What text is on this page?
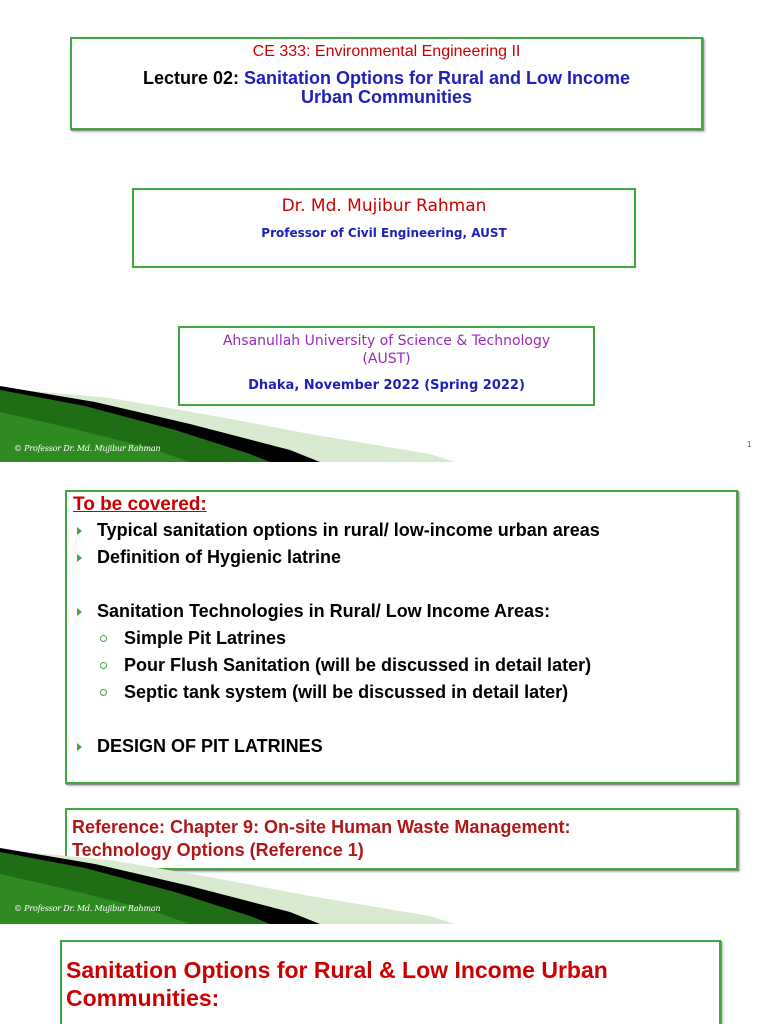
CE 333: Environmental Engineering II
Lecture 02: Sanitation Options for Rural and Low Income
Urban Communities
Dr. Md. Mujibur Rahman
Professor of Civil Engineering, AUST
Ahsanullah University of Science & Technology
(AUST)
Dhaka, November 2022 (Spring 2022)
© Professor Dr. Md. Mujibur Rahman	1
To be covered:
Typical sanitation options in rural/ low-income urban areas
Definition of Hygienic latrine
Sanitation Technologies in Rural/ Low Income Areas:
Simple Pit Latrines
Pour Flush Sanitation (will be discussed in detail later)
Septic tank system (will be discussed in detail later)
DESIGN OF PIT LATRINES
Reference: Chapter 9: On-site Human Waste Management:
Technology Options (Reference 1)
© Professor Dr. Md. Mujibur Rahman
Sanitation Options for Rural & Low Income Urban
Communities:
